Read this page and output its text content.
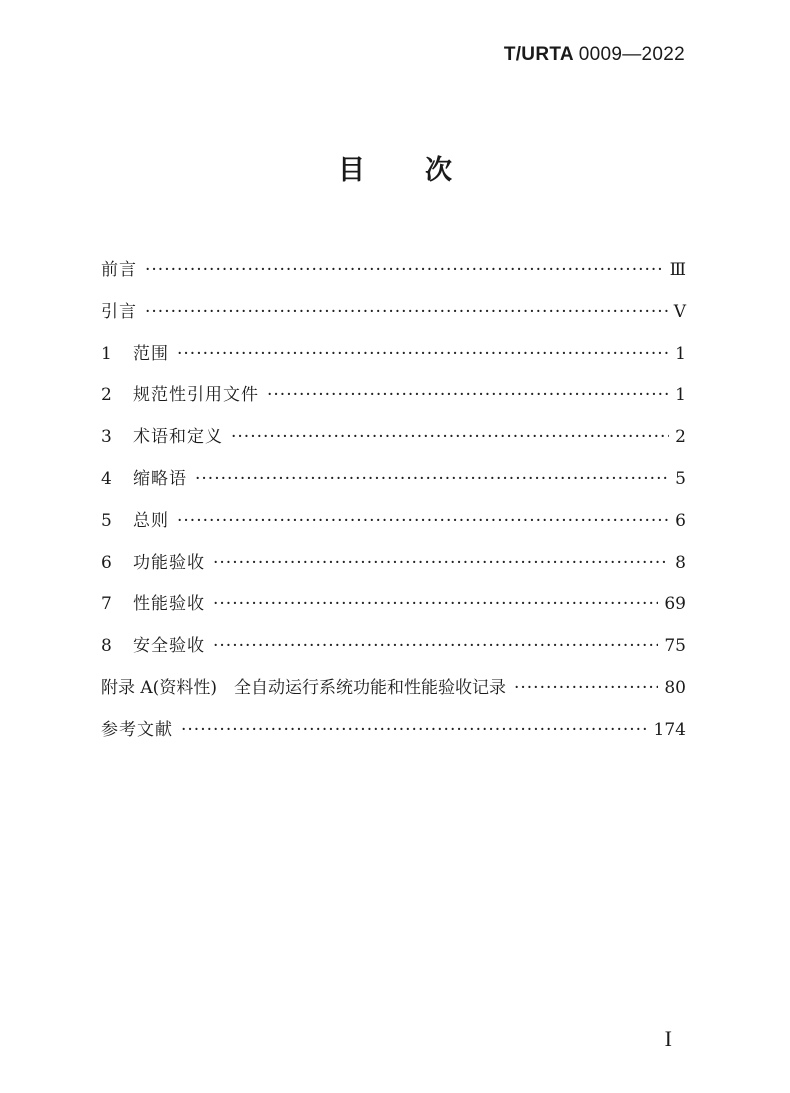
T/URTA 0009—2022
目次
前言 ·····	Ⅲ
引言 ·····	Ⅴ
1	范围 ·····	1
2	规范性引用文件 ·····	1
3	术语和定义 ·····	2
4	缩略语 ·····	5
5	总则 ·····	6
6	功能验收 ·····	8
7	性能验收 ·····	69
8	安全验收 ·····	75
附录 A(资料性)　全自动运行系统功能和性能验收记录 ·····	80
参考文献 ·····	174
I
